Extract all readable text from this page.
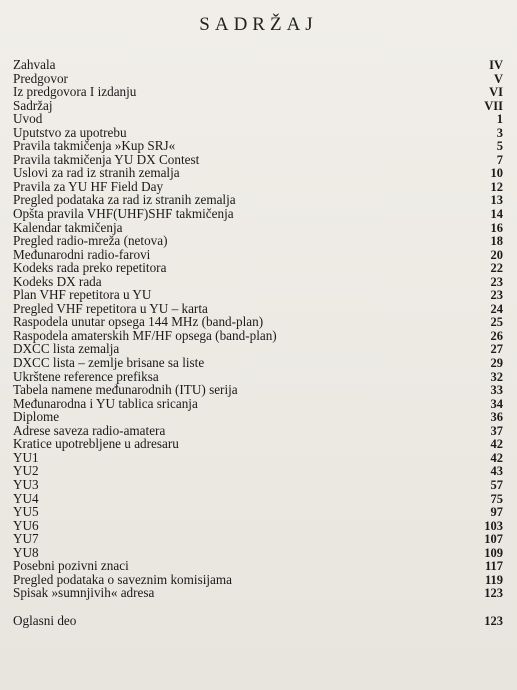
SADRŽAJ
Zahvala	IV
Predgovor	V
Iz predgovora I izdanju	VI
Sadržaj	VII
Uvod	1
Uputstvo za upotrebu	3
Pravila takmičenja »Kup SRJ«	5
Pravila takmičenja YU DX Contest	7
Uslovi za rad iz stranih zemalja	10
Pravila za YU HF Field Day	12
Pregled podataka za rad iz stranih zemalja	13
Opšta pravila VHF(UHF)SHF takmičenja	14
Kalendar takmičenja	16
Pregled radio-mreža (netova)	18
Međunarodni radio-farovi	20
Kodeks rada preko repetitora	22
Kodeks DX rada	23
Plan VHF repetitora u YU	23
Pregled VHF repetitora u YU – karta	24
Raspodela unutar opsega 144 MHz (band-plan)	25
Raspodela amaterskih MF/HF opsega (band-plan)	26
DXCC lista zemalja	27
DXCC lista – zemlje brisane sa liste	29
Ukrštene reference prefiksa	32
Tabela namene međunarodnih (ITU) serija	33
Međunarodna i YU tablica sricanja	34
Diplome	36
Adrese saveza radio-amatera	37
Kratice upotrebljene u adresaru	42
YU1	42
YU2	43
YU3	57
YU4	75
YU5	97
YU6	103
YU7	107
YU8	109
Posebni pozivni znaci	117
Pregled podataka o saveznim komisijama	119
Spisak »sumnjivih« adresa	123
Oglasni deo	123
